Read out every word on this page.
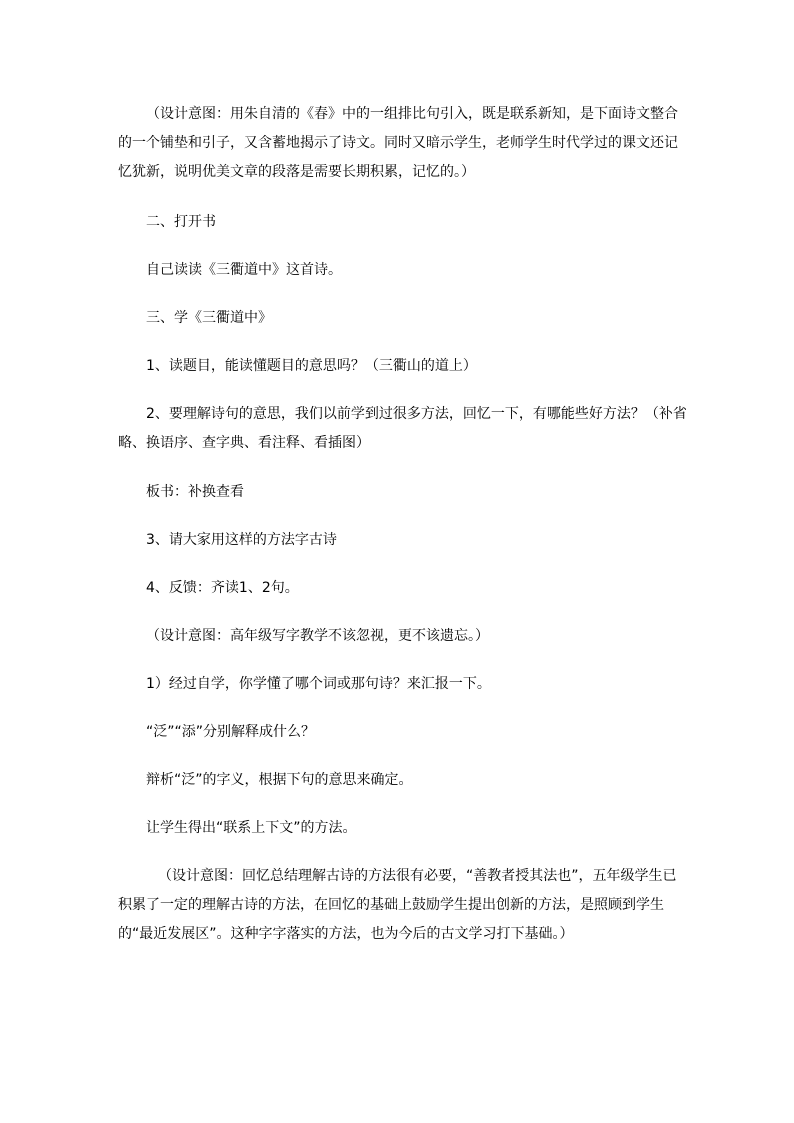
（设计意图：用朱自清的《春》中的一组排比句引入，既是联系新知，是下面诗文整合的一个铺垫和引子，又含蓄地揭示了诗文。同时又暗示学生，老师学生时代学过的课文还记忆犹新，说明优美文章的段落是需要长期积累，记忆的。）

二、打开书

自己读读《三衢道中》这首诗。

三、学《三衢道中》

1、读题目，能读懂题目的意思吗？（三衢山的道上）

2、要理解诗句的意思，我们以前学到过很多方法，回忆一下，有哪能些好方法？（补省略、换语序、查字典、看注释、看插图）

板书：补换查看

3、请大家用这样的方法字古诗

4、反馈：齐读1、2句。

（设计意图：高年级写字教学不该忽视，更不该遗忘。）

1）经过自学，你学懂了哪个词或那句诗？来汇报一下。

“泛”“添”分别解释成什么？

辩析“泛”的字义，根据下句的意思来确定。

让学生得出“联系上下文”的方法。

（设计意图：回忆总结理解古诗的方法很有必要，“善教者授其法也”，五年级学生已积累了一定的理解古诗的方法，在回忆的基础上鼓励学生提出创新的方法，是照顾到学生的“最近发展区”。这种字字落实的方法，也为今后的古文学习打下基础。）
